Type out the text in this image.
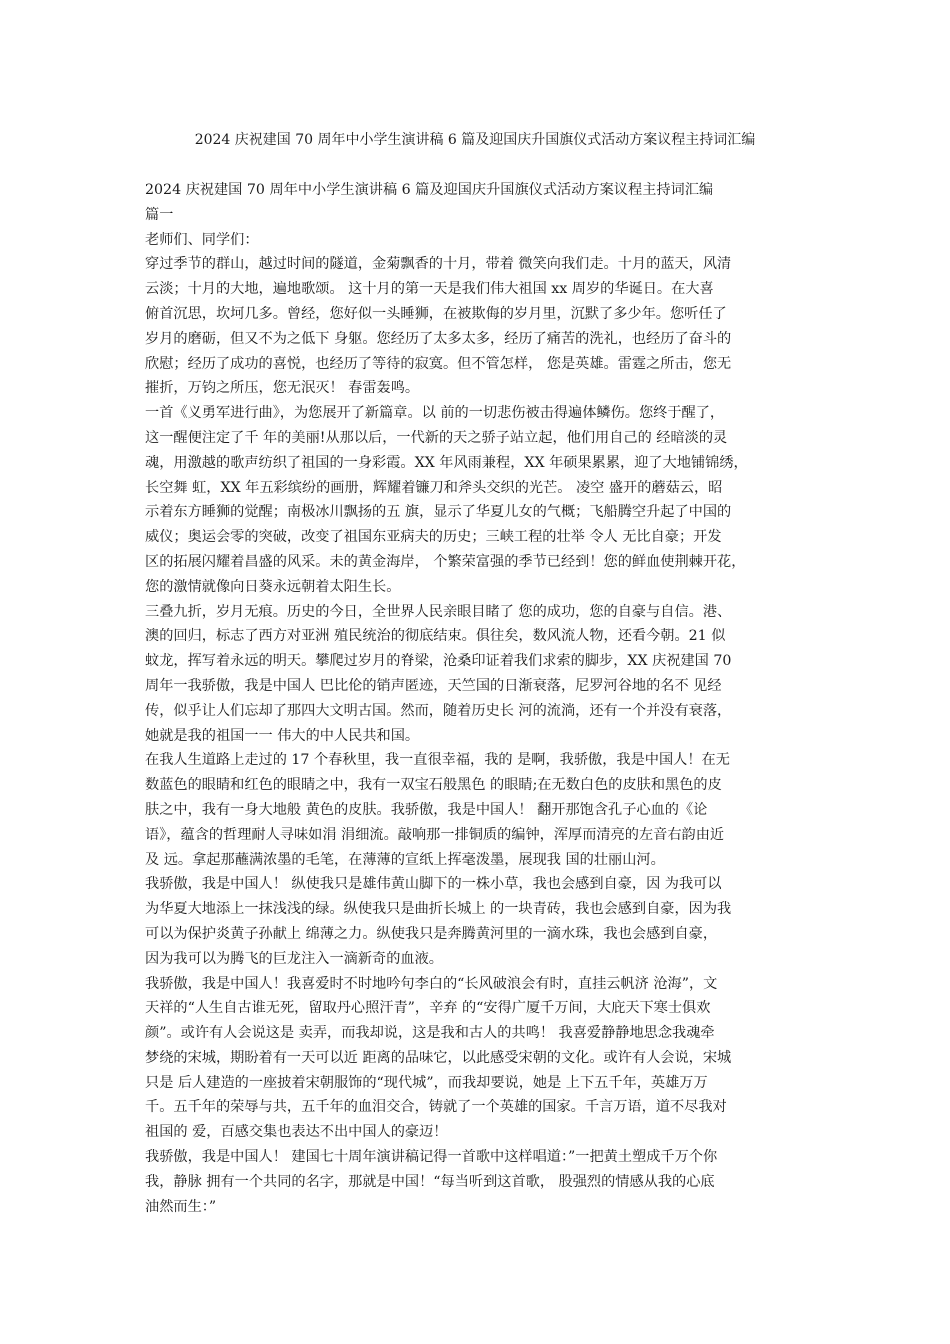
2024 庆祝建国 70 周年中小学生演讲稿 6 篇及迎国庆升国旗仪式活动方案议程主持词汇编
2024 庆祝建国 70 周年中小学生演讲稿 6 篇及迎国庆升国旗仪式活动方案议程主持词汇编
篇一
老师们、同学们：
穿过季节的群山，越过时间的隧道，金菊飘香的十月，带着 微笑向我们走。十月的蓝天，风清
云淡；十月的大地，遍地歌颂。 这十月的第一天是我们伟大祖国 xx 周岁的华诞日。在大喜
俯首沉思，坎坷几多。曾经，您好似一头睡狮，在被欺侮的岁月里，沉默了多少年。您听任了
岁月的磨砺，但又不为之低下 身躯。您经历了太多太多，经历了痛苦的洗礼，也经历了奋斗的
欣慰；经历了成功的喜悦，也经历了等待的寂寞。但不管怎样， 您是英雄。雷霆之所击，您无
摧折，万钧之所压，您无泯灭！ 春雷轰鸣。
一首《义勇军进行曲》，为您展开了新篇章。以 前的一切悲伤被击得遍体鳞伤。您终于醒了，
这一醒便注定了千 年的美丽!从那以后，一代新的天之骄子站立起，他们用自己的 经暗淡的灵
魂，用激越的歌声纺织了祖国的一身彩霞。XX 年风雨兼程，XX 年硕果累累，迎了大地铺锦绣，
长空舞 虹，XX 年五彩缤纷的画册，辉耀着镰刀和斧头交织的光芒。 凌空 盛开的蘑菇云，昭
示着东方睡狮的觉醒；南极冰川飘扬的五 旗，显示了华夏儿女的气概；飞船腾空升起了中国的
威仪；奥运会零的突破，改变了祖国东亚病夫的历史；三峡工程的壮举 令人 无比自豪；开发
区的拓展闪耀着昌盛的风采。未的黄金海岸， 个繁荣富强的季节已经到！您的鲜血使荆棘开花，
您的激情就像向日葵永远朝着太阳生长。
三叠九折，岁月无痕。历史的今日，全世界人民亲眼目睹了 您的成功，您的自豪与自信。港、
澳的回归，标志了西方对亚洲 殖民统治的彻底结束。俱往矣，数风流人物，还看今朝。21 似
蚊龙，挥写着永远的明天。攀爬过岁月的脊梁，沧桑印证着我们求索的脚步，XX 庆祝建国 70
周年一我骄傲，我是中国人 巴比伦的销声匿迹，天竺国的日渐衰落，尼罗河谷地的名不 见经
传，似乎让人们忘却了那四大文明古国。然而，随着历史长 河的流淌，还有一个并没有衰落，
她就是我的祖国一一 伟大的中人民共和国。
在我人生道路上走过的 17 个春秋里，我一直很幸福，我的 是啊，我骄傲，我是中国人！在无
数蓝色的眼睛和红色的眼睛之中，我有一双宝石般黑色 的眼睛;在无数白色的皮肤和黑色的皮
肤之中，我有一身大地般 黄色的皮肤。我骄傲，我是中国人！ 翻开那饱含孔子心血的《论
语》，蕴含的哲理耐人寻味如涓 涓细流。敲响那一排铜质的编钟，浑厚而清亮的左音右韵由近
及 远。拿起那蘸满浓墨的毛笔，在薄薄的宣纸上挥毫泼墨，展现我 国的壮丽山河。
我骄傲，我是中国人！ 纵使我只是雄伟黄山脚下的一株小草，我也会感到自豪，因 为我可以
为华夏大地添上一抹浅浅的绿。纵使我只是曲折长城上 的一块青砖，我也会感到自豪，因为我
可以为保护炎黄子孙献上 绵薄之力。纵使我只是奔腾黄河里的一滴水珠，我也会感到自豪，
因为我可以为腾飞的巨龙注入一滴新奇的血液。
我骄傲，我是中国人！我喜爱时不时地吟句李白的“长风破浪会有时，直挂云帆济 沧海”，文
天祥的“人生自古谁无死，留取丹心照汗青”，辛弃 的“安得广厦千万间，大庇天下寒士俱欢
颜”。或许有人会说这是 卖弄，而我却说，这是我和古人的共鸣！ 我喜爱静静地思念我魂牵
梦绕的宋城，期盼着有一天可以近 距离的品味它，以此感受宋朝的文化。或许有人会说，宋城
只是 后人建造的一座披着宋朝服饰的“现代城”，而我却要说，她是 上下五千年，英雄万万
千。五千年的荣辱与共，五千年的血泪交合，铸就了一个英雄的国家。千言万语，道不尽我对
祖国的 爱，百感交集也表达不出中国人的豪迈！
我骄傲，我是中国人！ 建国七十周年演讲稿记得一首歌中这样唱道：”一把黄土塑成千万个你
我，静脉 拥有一个共同的名字，那就是中国！“每当听到这首歌， 股强烈的情感从我的心底
油然而生：”
